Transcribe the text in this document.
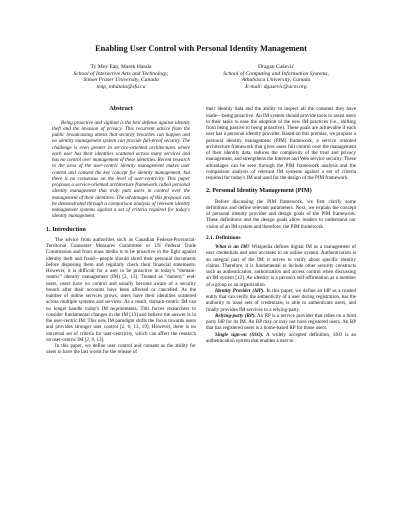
Enabling User Control with Personal Identity Management
Ty Mey Eap, Marek Hatala
School of Interactive Arts and Technology,
Simon Fraser University, Canada
teap, mhatala@sfu.ca
Dragan Gašević
School of Computing and Information Systems,
Athabasca University, Canada
E-mail: dgasevic@acm.org
Abstract

Being proactive and vigilant is the best defense against identity theft and the invasion of privacy. This recurrent advice from the public broadcasting attests that security breaches can happen and no identity management system can provide full-proof security. The challenge is even greater in service-oriented architectures where each user has their identities scattered across many services and has no control over management of these identities. Recent research in the area of the user-centric identity management makes user control and consent the key concept for identity management, but there is no consensus on the level of user-centricity. This paper proposes a service-oriented architecture framework called personal identity management that truly puts users in control over the management of their identities. The advantages of this proposal can be demonstrated through a comparison analysis of relevant identity management systems against a set of criteria required for today's identity management.

1. Introduction

The advice from authorities such as Canadian Federal-Provincial-Territorial Consumer Measures Committee or US Federal Trade Commission and from mass media is to be proactive in the fight against identity theft and fraud—people should shred their personal documents before disposing them and regularly check their financial statements. However, it is difficult for a user to be proactive in today's "domain-centric" identity management (IM) [2, 13]. Treated as "dummy" end-users, users have no control and usually become aware of a security breach after their accounts have been affected or cancelled. As the number of online services grows, users have their identities scattered across multiple systems and services. As a result, domain-centric IM can no longer handle today's IM requirements. This forces researchers to consider fundamental changes in the IM [13] and believe the answer is in the user-centric IM. This new IM paradigm shifts the focus towards users and provides stronger user control [2, 6, 13, 19]. However, there is no universal set of criteria for user-centricity, which can affect the research on user-centric IM [2, 6, 13].

In this paper, we define user control and consent as the ability for users to have the last words for the release of

their identity data and the ability to inspect all the consents they have made—being proactive. An IM system should provide tools to assist users in their tasks to ease the adoption of the new IM practices (i.e., shifting from being passive to being proactive). These goals are achievable if each user has a personal identity provider. Based on this premise, we propose a personal identity management (PIM) framework, a service oriented architecture framework that gives users full control over the management of their identity data, reduces the complexity of the trust and privacy management, and strengthens the Internet and Web service security. These advantages can be seen through the PIM framework analysis and the comparison analysis of relevant IM systems against a set of criteria required for today's IM and used for the design of the PIM framework.

2. Personal Identity Management (PIM)

Before discussing the PIM framework, we first clarify some definitions and define relevant parameters. Next, we explain the concept of personal identity provider and design goals of the PIM framework. These definitions and the design goals allow readers to understand our vision of an IM system and therefore, the PIM framework.

2.1. Definitions

What is an IM? Wikipedia defines digital IM as a management of user credentials and user accesses to an online system. Authentication is an integral part of the IM; it serves to verify about specific identity claims. Therefore, it is fundamental to include other security constructs such as authentication, authorization and access control when discussing an IM system [12]. An identity is a person's self-affirmation as a member of a group or an organization.

Identity Provider (IdP). In this paper, we define an IdP as a trusted entity that can verify the authenticity of a user during registration, has the authority to issue sets of credentials, is able to authenticate users, and finally provides IM services to a relying-party.

Relying-party (RP). An RP is a service provider that relies on a third party IdP for its IM. An RP may or may not have registered users. An RP that has registered users is a home-based RP for those users.

Single sign-on (SSO). A widely accepted definition, SSO is an authentication system that enables a user to
